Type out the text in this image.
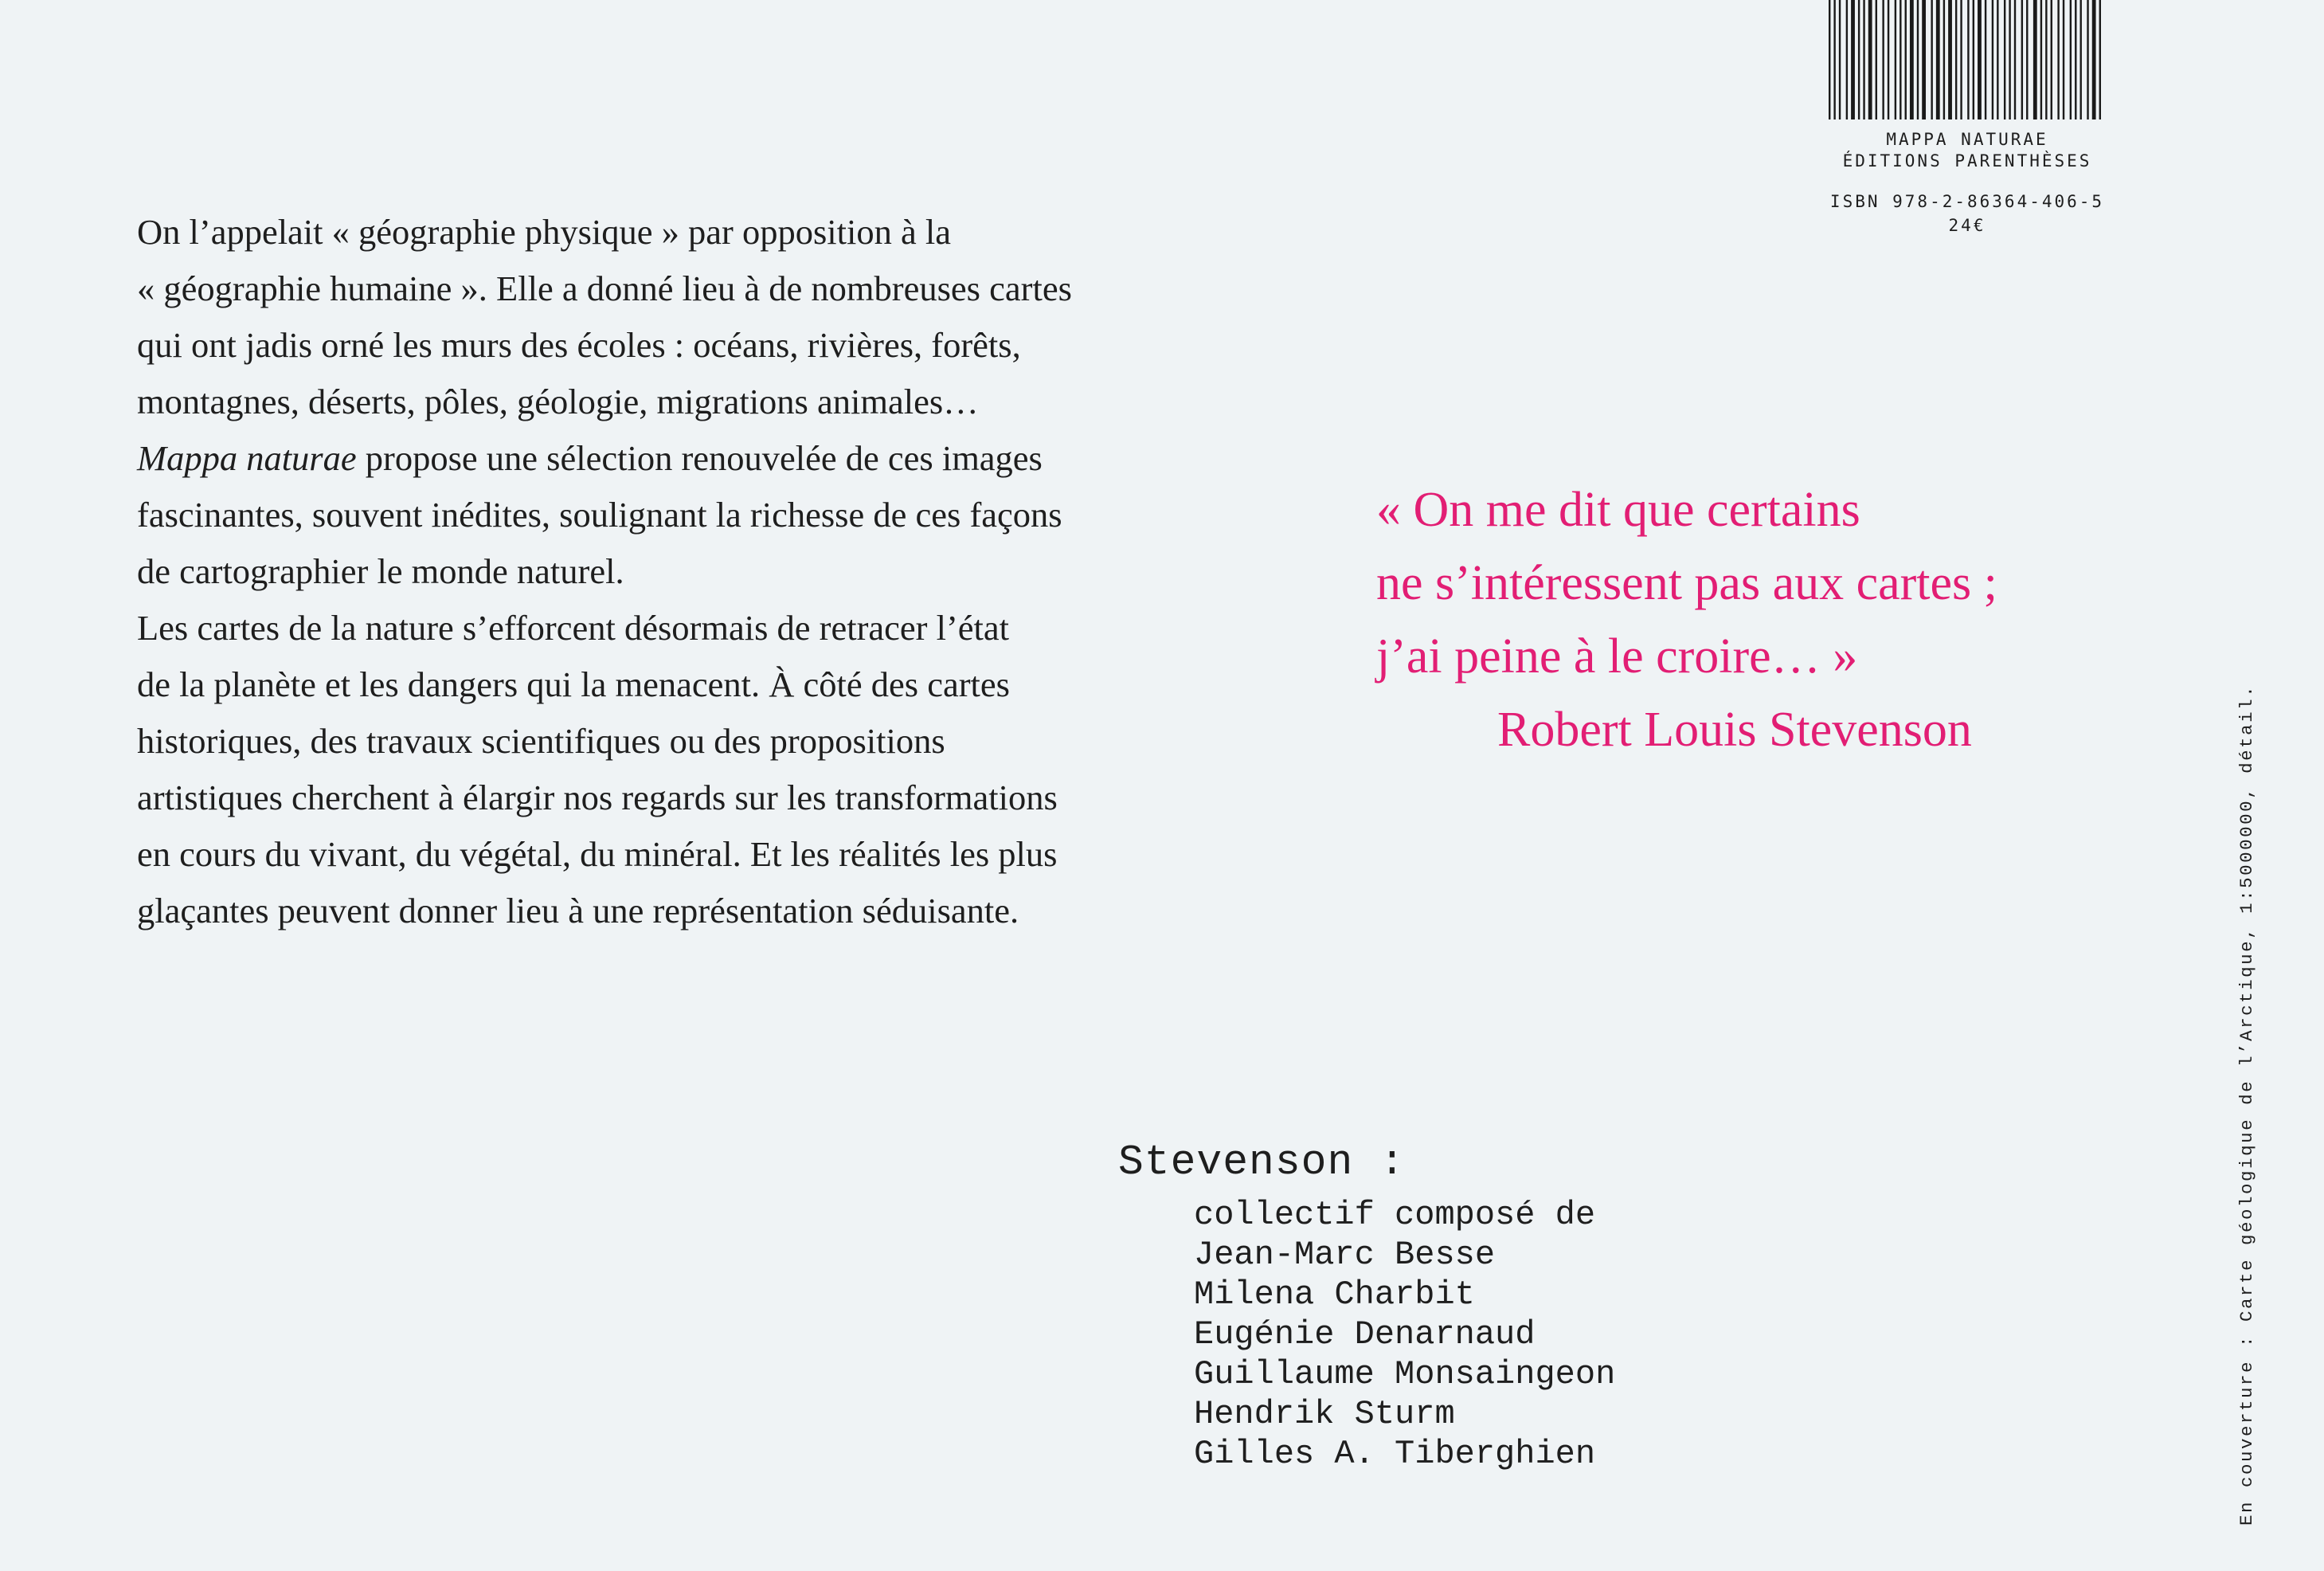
MAPPA NATURAE
ÉDITIONS PARENTHÈSES
ISBN 978-2-86364-406-5
24€
On l’appelait « géographie physique » par opposition à la
« géographie humaine ». Elle a donné lieu à de nombreuses cartes
qui ont jadis orné les murs des écoles : océans, rivières, forêts,
montagnes, déserts, pôles, géologie, migrations animales…
Mappa naturae propose une sélection renouvelée de ces images
fascinantes, souvent inédites, soulignant la richesse de ces façons
de cartographier le monde naturel.
Les cartes de la nature s’efforcent désormais de retracer l’état
de la planète et les dangers qui la menacent. À côté des cartes
historiques, des travaux scientifiques ou des propositions
artistiques cherchent à élargir nos regards sur les transformations
en cours du vivant, du végétal, du minéral. Et les réalités les plus
glaçantes peuvent donner lieu à une représentation séduisante.
« On me dit que certains
ne s’intéressent pas aux cartes ;
j’ai peine à le croire… »
Robert Louis Stevenson
Stevenson :
collectif composé de
Jean-Marc Besse
Milena Charbit
Eugénie Denarnaud
Guillaume Monsaingeon
Hendrik Sturm
Gilles A. Tiberghien	En couverture : Carte géologique de l’Arctique, 1:5000000, détail.
